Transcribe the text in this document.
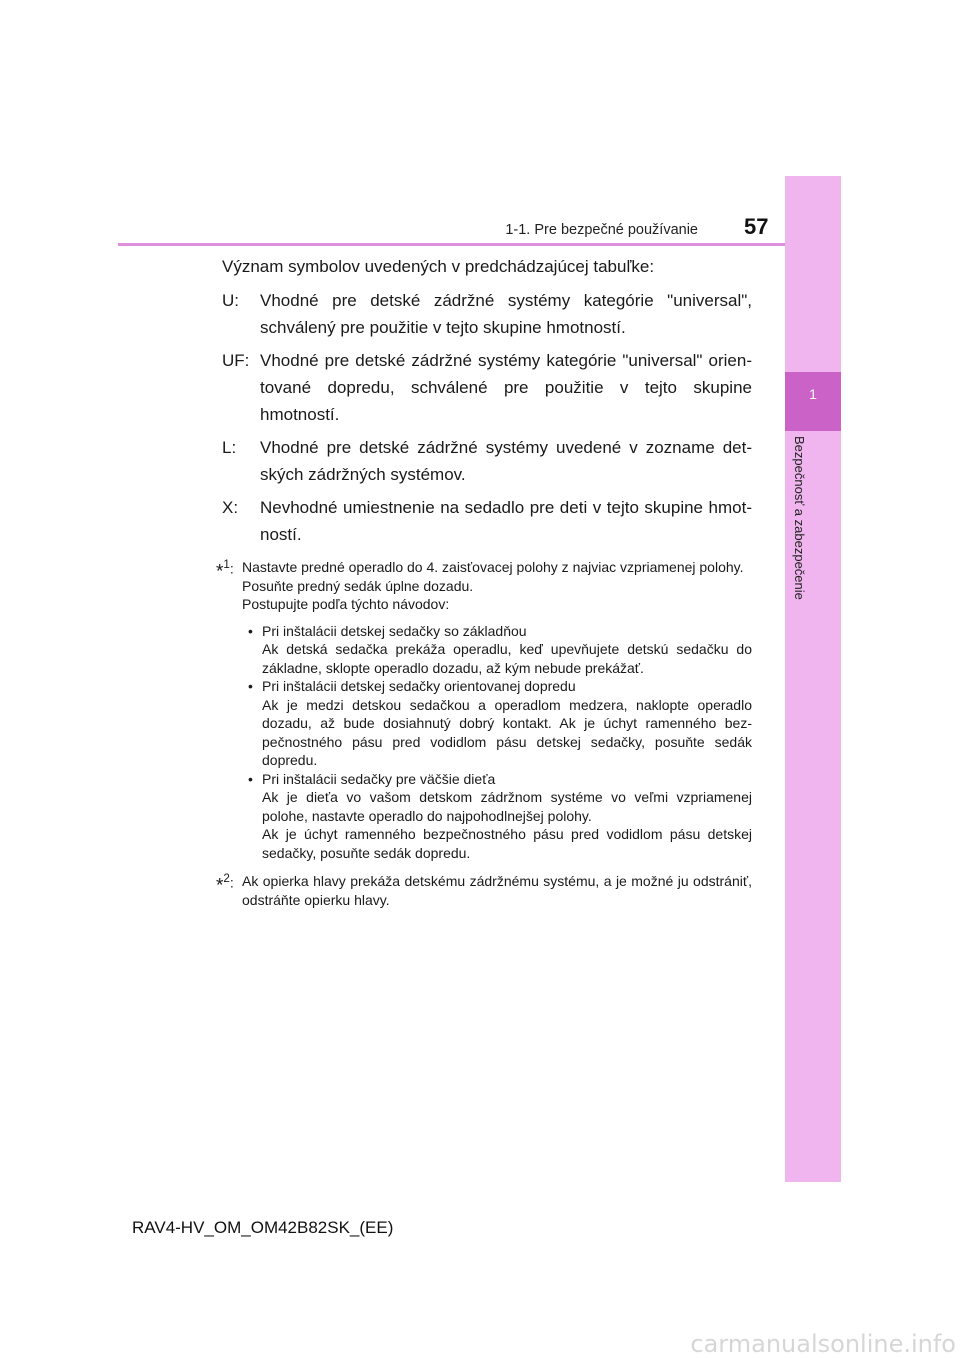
1
Bezpečnosť a zabezpečenie
1-1. Pre bezpečné používanie 57

Význam symbolov uvedených v predchádzajúcej tabuľke:

U:	Vhodné pre detské zádržné systémy kategórie "universal", schválený pre použitie v tejto skupine hmotností.
UF: Vhodné pre detské zádržné systémy kategórie "universal" orientované dopredu, schválené pre použitie v tejto skupine hmotností.
L:	Vhodné pre detské zádržné systémy uvedené v zozname detských zádržných systémov.
X:	Nevhodné umiestnenie na sedadlo pre deti v tejto skupine hmotností.
*$^1$: Nastavte predné operadlo do 4. zaisťovacej polohy z najviac vzpriamenej polohy.
Posuňte predný sedák úplne dozadu.
Postupujte podľa týchto návodov:
• Pri inštalácii detskej sedačky so základňou
Ak detská sedačka prekáža operadlu, keď upevňujete detskú sedačku do základne, sklopte operadlo dozadu, až kým nebude prekážať.
• Pri inštalácii detskej sedačky orientovanej dopredu
Ak je medzi detskou sedačkou a operadlom medzera, naklopte operadlo dozadu, až bude dosiahnutý dobrý kontakt. Ak je úchyt ramenného bezpečnostného pásu pred vodidlom pásu detskej sedačky, posuňte sedák dopredu.
• Pri inštalácii sedačky pre väčšie dieťa
Ak je dieťa vo vašom detskom zádržnom systéme vo veľmi vzpriamenej polohe, nastavte operadlo do najpohodlnejšej polohy.
Ak je úchyt ramenného bezpečnostného pásu pred vodidlom pásu detskej sedačky, posuňte sedák dopredu.
*$^2$: Ak opierka hlavy prekáža detskému zádržnému systému, a je možné ju odstrániť, odstráňte opierku hlavy.
RAV4-HV_OM_OM42B82SK_(EE)
carmanualsonline.info
